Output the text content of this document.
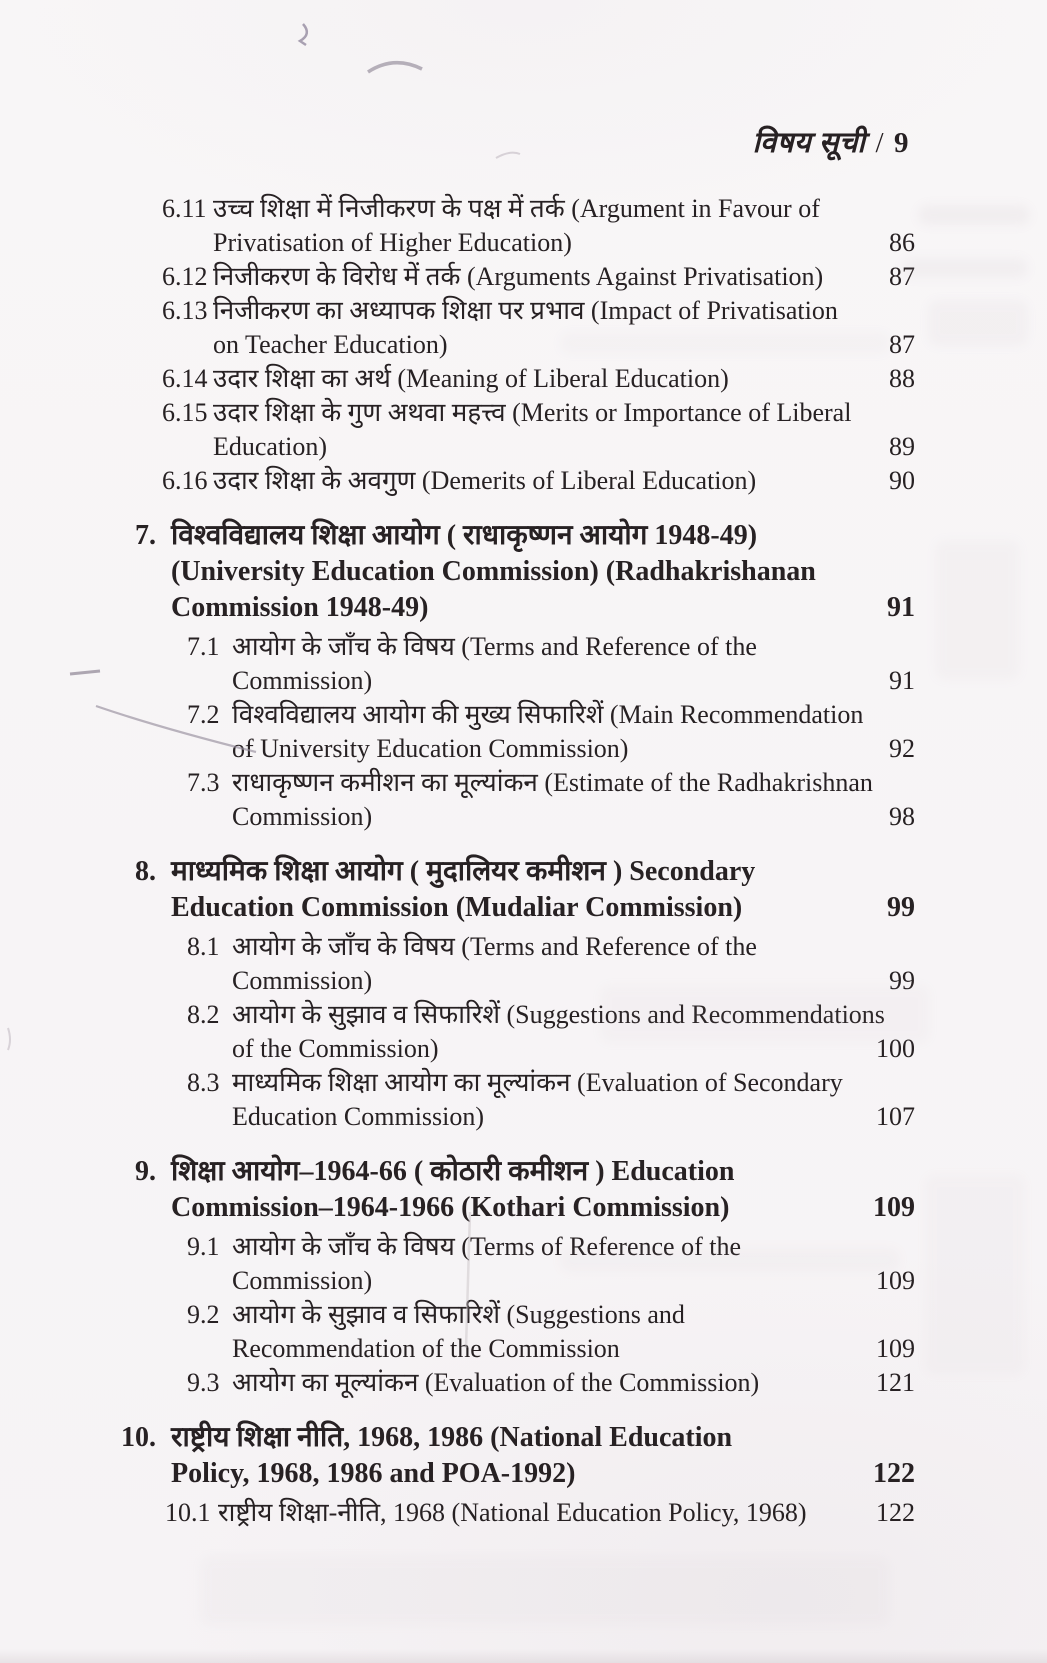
विषय सूची / 9
6.11 उच्च शिक्षा में निजीकरण के पक्ष में तर्क (Argument in Favour of
Privatisation of Higher Education)	86
6.12 निजीकरण के विरोध में तर्क (Arguments Against Privatisation)	87
6.13 निजीकरण का अध्यापक शिक्षा पर प्रभाव (Impact of Privatisation
on Teacher Education)	87
6.14 उदार शिक्षा का अर्थ (Meaning of Liberal Education)	88
6.15 उदार शिक्षा के गुण अथवा महत्त्व (Merits or Importance of Liberal
Education)	89
6.16 उदार शिक्षा के अवगुण (Demerits of Liberal Education)	90
7. विश्वविद्यालय शिक्षा आयोग ( राधाकृष्णन आयोग 1948-49)
(University Education Commission) (Radhakrishanan
Commission 1948-49)	91
7.1 आयोग के जाँच के विषय (Terms and Reference of the
Commission)	91
7.2 विश्वविद्यालय आयोग की मुख्य सिफारिशें (Main Recommendation
of University Education Commission)	92
7.3 राधाकृष्णन कमीशन का मूल्यांकन (Estimate of the Radhakrishnan
Commission)	98
8. माध्यमिक शिक्षा आयोग ( मुदालियर कमीशन ) Secondary
Education Commission (Mudaliar Commission)	99
8.1 आयोग के जाँच के विषय (Terms and Reference of the
Commission)	99
8.2 आयोग के सुझाव व सिफारिशें (Suggestions and Recommendations
of the Commission)	100
8.3 माध्यमिक शिक्षा आयोग का मूल्यांकन (Evaluation of Secondary
Education Commission)	107
9. शिक्षा आयोग–1964-66 ( कोठारी कमीशन ) Education
Commission–1964-1966 (Kothari Commission)	109
9.1 आयोग के जाँच के विषय (Terms of Reference of the
Commission)	109
9.2 आयोग के सुझाव व सिफारिशें (Suggestions and
Recommendation of the Commission	109
9.3 आयोग का मूल्यांकन (Evaluation of the Commission)	121
10. राष्ट्रीय शिक्षा नीति, 1968, 1986 (National Education
Policy, 1968, 1986 and POA-1992)	122
10.1 राष्ट्रीय शिक्षा-नीति, 1968 (National Education Policy, 1968)	122
